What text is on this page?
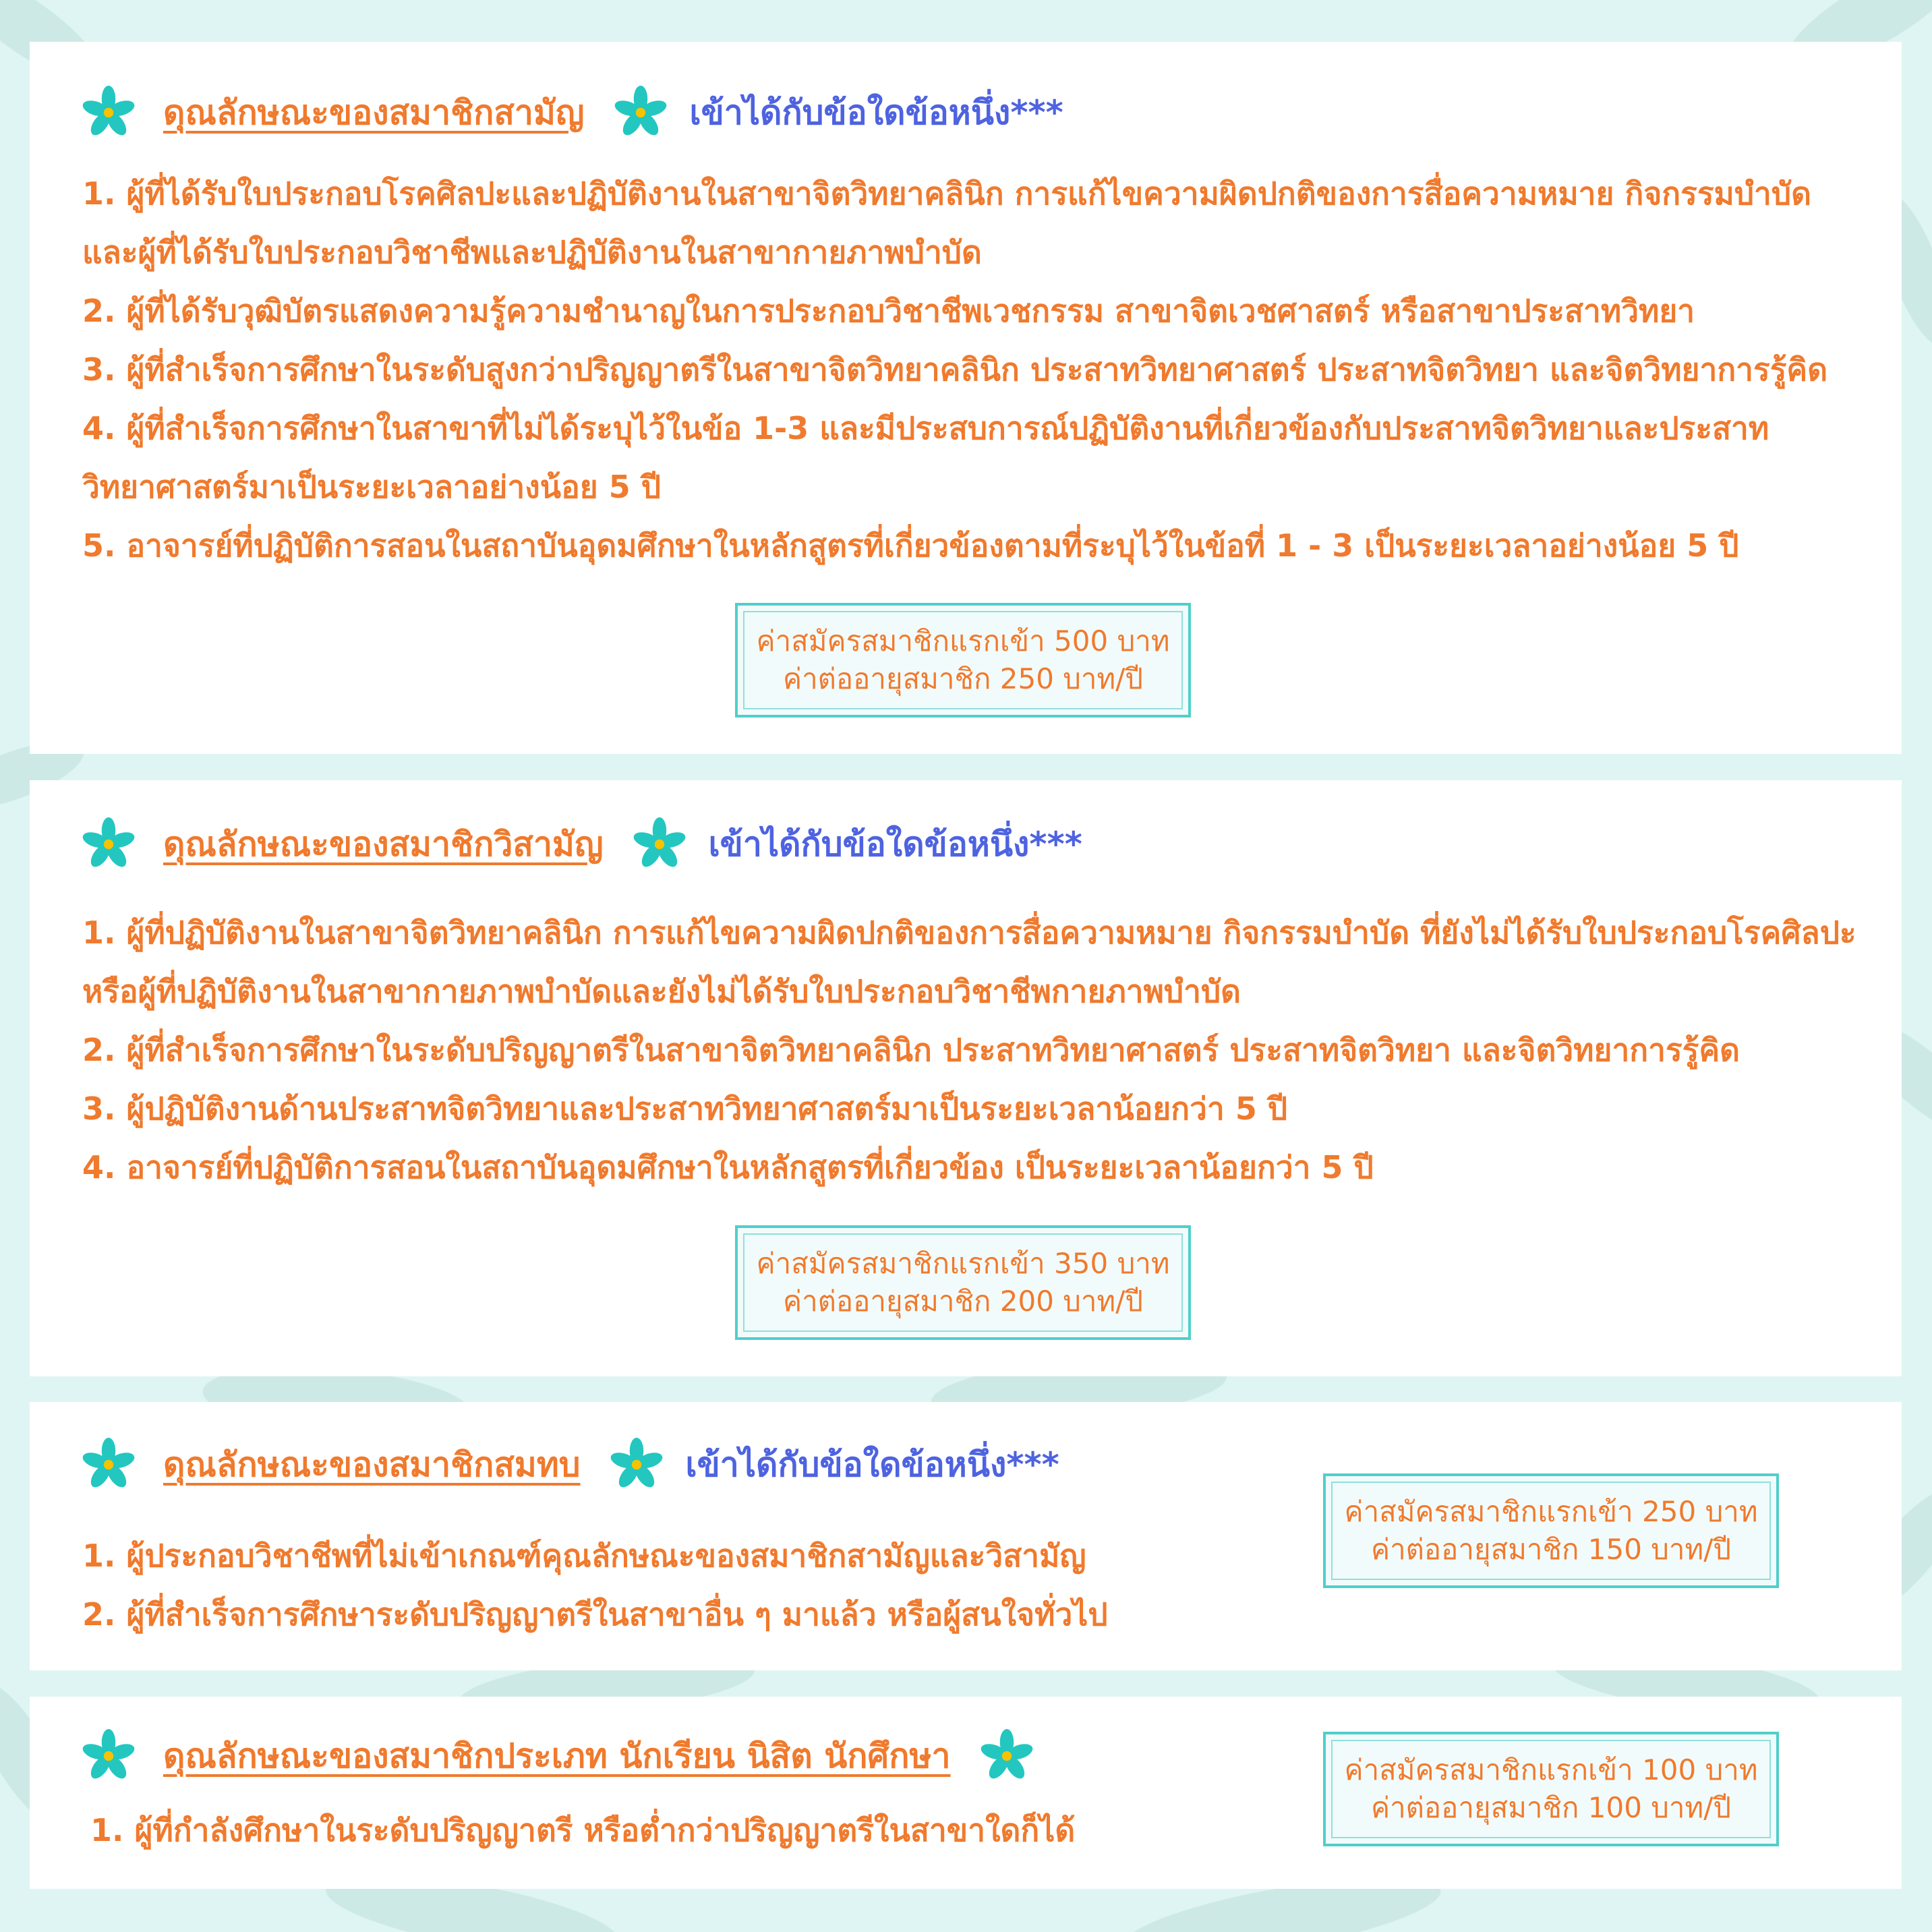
ดุณลักษณะของสมาชิกสามัญ	เข้าได้กับข้อใดข้อหนึ่ง***
1. ผู้ที่ได้รับใบประกอบโรคศิลปะและปฏิบัติงานในสาขาจิตวิทยาคลินิก การแก้ไขความผิดปกติของการสื่อความหมาย กิจกรรมบำบัด และผู้ที่ได้รับใบประกอบวิชาชีพและปฏิบัติงานในสาขากายภาพบำบัด
2. ผู้ที่ได้รับวุฒิบัตรแสดงความรู้ความชำนาญในการประกอบวิชาชีพเวชกรรม สาขาจิตเวชศาสตร์ หรือสาขาประสาทวิทยา
3. ผู้ที่สำเร็จการศึกษาในระดับสูงกว่าปริญญาตรีในสาขาจิตวิทยาคลินิก ประสาทวิทยาศาสตร์ ประสาทจิตวิทยา และจิตวิทยาการรู้คิด
4. ผู้ที่สำเร็จการศึกษาในสาขาที่ไม่ได้ระบุไว้ในข้อ 1-3 และมีประสบการณ์ปฏิบัติงานที่เกี่ยวข้องกับประสาทจิตวิทยาและประสาทวิทยาศาสตร์มาเป็นระยะเวลาอย่างน้อย 5 ปี
5. อาจารย์ที่ปฏิบัติการสอนในสถาบันอุดมศึกษาในหลักสูตรที่เกี่ยวข้องตามที่ระบุไว้ในข้อที่ 1 - 3 เป็นระยะเวลาอย่างน้อย 5 ปี
ค่าสมัครสมาชิกแรกเข้า 500 บาท
ค่าต่ออายุสมาชิก 250 บาท/ปี
ดุณลักษณะของสมาชิกวิสามัญ	เข้าได้กับข้อใดข้อหนึ่ง***
1. ผู้ที่ปฏิบัติงานในสาขาจิตวิทยาคลินิก การแก้ไขความผิดปกติของการสื่อความหมาย กิจกรรมบำบัด ที่ยังไม่ได้รับใบประกอบโรคศิลปะ หรือผู้ที่ปฏิบัติงานในสาขากายภาพบำบัดและยังไม่ได้รับใบประกอบวิชาชีพกายภาพบำบัด
2. ผู้ที่สำเร็จการศึกษาในระดับปริญญาตรีในสาขาจิตวิทยาคลินิก ประสาทวิทยาศาสตร์ ประสาทจิตวิทยา และจิตวิทยาการรู้คิด
3. ผู้ปฏิบัติงานด้านประสาทจิตวิทยาและประสาทวิทยาศาสตร์มาเป็นระยะเวลาน้อยกว่า 5 ปี
4. อาจารย์ที่ปฏิบัติการสอนในสถาบันอุดมศึกษาในหลักสูตรที่เกี่ยวข้อง เป็นระยะเวลาน้อยกว่า 5 ปี
ค่าสมัครสมาชิกแรกเข้า 350 บาท
ค่าต่ออายุสมาชิก 200 บาท/ปี
ดุณลักษณะของสมาชิกสมทบ	เข้าได้กับข้อใดข้อหนึ่ง***
1. ผู้ประกอบวิชาชีพที่ไม่เข้าเกณฑ์คุณลักษณะของสมาชิกสามัญและวิสามัญ
2. ผู้ที่สำเร็จการศึกษาระดับปริญญาตรีในสาขาอื่น ๆ มาแล้ว หรือผู้สนใจทั่วไป
ค่าสมัครสมาชิกแรกเข้า 250 บาท
ค่าต่ออายุสมาชิก 150 บาท/ปี
ดุณลักษณะของสมาชิกประเภท นักเรียน นิสิต นักศึกษา
1. ผู้ที่กำลังศึกษาในระดับปริญญาตรี หรือต่ำกว่าปริญญาตรีในสาขาใดก็ได้
ค่าสมัครสมาชิกแรกเข้า 100 บาท
ค่าต่ออายุสมาชิก 100 บาท/ปี
